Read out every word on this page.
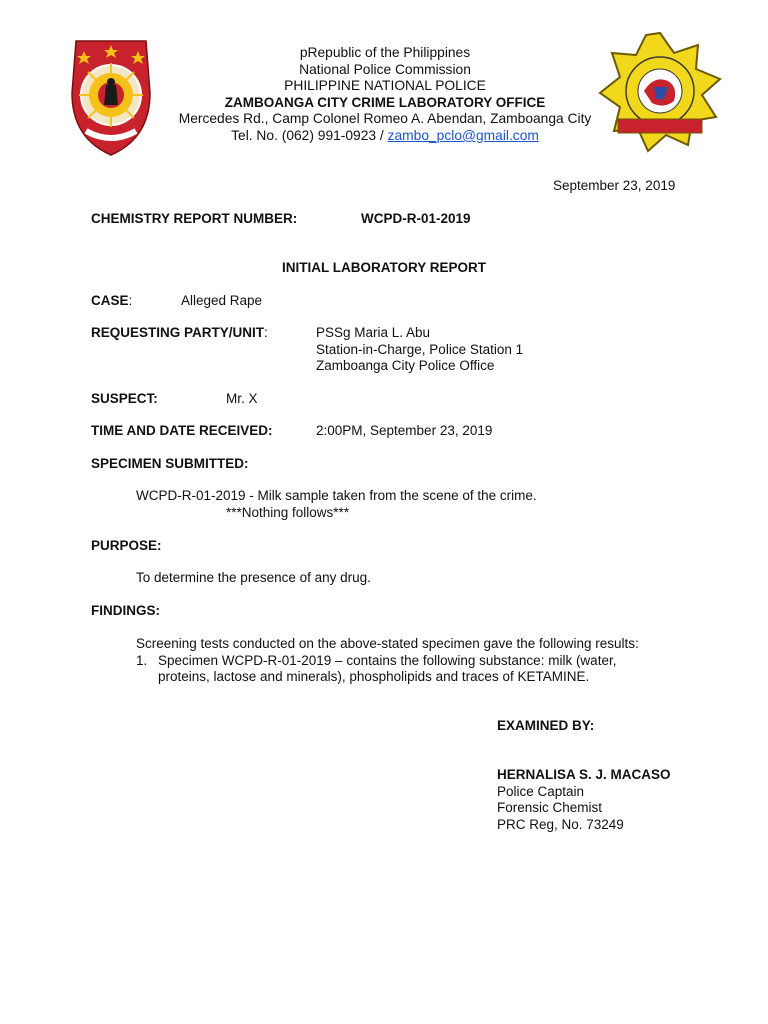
pRepublic of the Philippines
National Police Commission
PHILIPPINE NATIONAL POLICE
ZAMBOANGA CITY CRIME LABORATORY OFFICE
Mercedes Rd., Camp Colonel Romeo A. Abendan, Zamboanga City
Tel. No. (062) 991-0923 / zambo_pclo@gmail.com
September 23, 2019
CHEMISTRY REPORT NUMBER:	WCPD-R-01-2019
INITIAL LABORATORY REPORT
CASE:	Alleged Rape
REQUESTING PARTY/UNIT:	PSSg Maria L. Abu
Station-in-Charge, Police Station 1
Zamboanga City Police Office
SUSPECT:	Mr. X
TIME AND DATE RECEIVED:	2:00PM, September 23, 2019
SPECIMEN SUBMITTED:
WCPD-R-01-2019 - Milk sample taken from the scene of the crime.
***Nothing follows***
PURPOSE:
To determine the presence of any drug.
FINDINGS:
Screening tests conducted on the above-stated specimen gave the following results:
1. Specimen WCPD-R-01-2019 – contains the following substance: milk (water,
proteins, lactose and minerals), phospholipids and traces of KETAMINE.
EXAMINED BY:
HERNALISA S. J. MACASO
Police Captain
Forensic Chemist
PRC Reg, No. 73249
